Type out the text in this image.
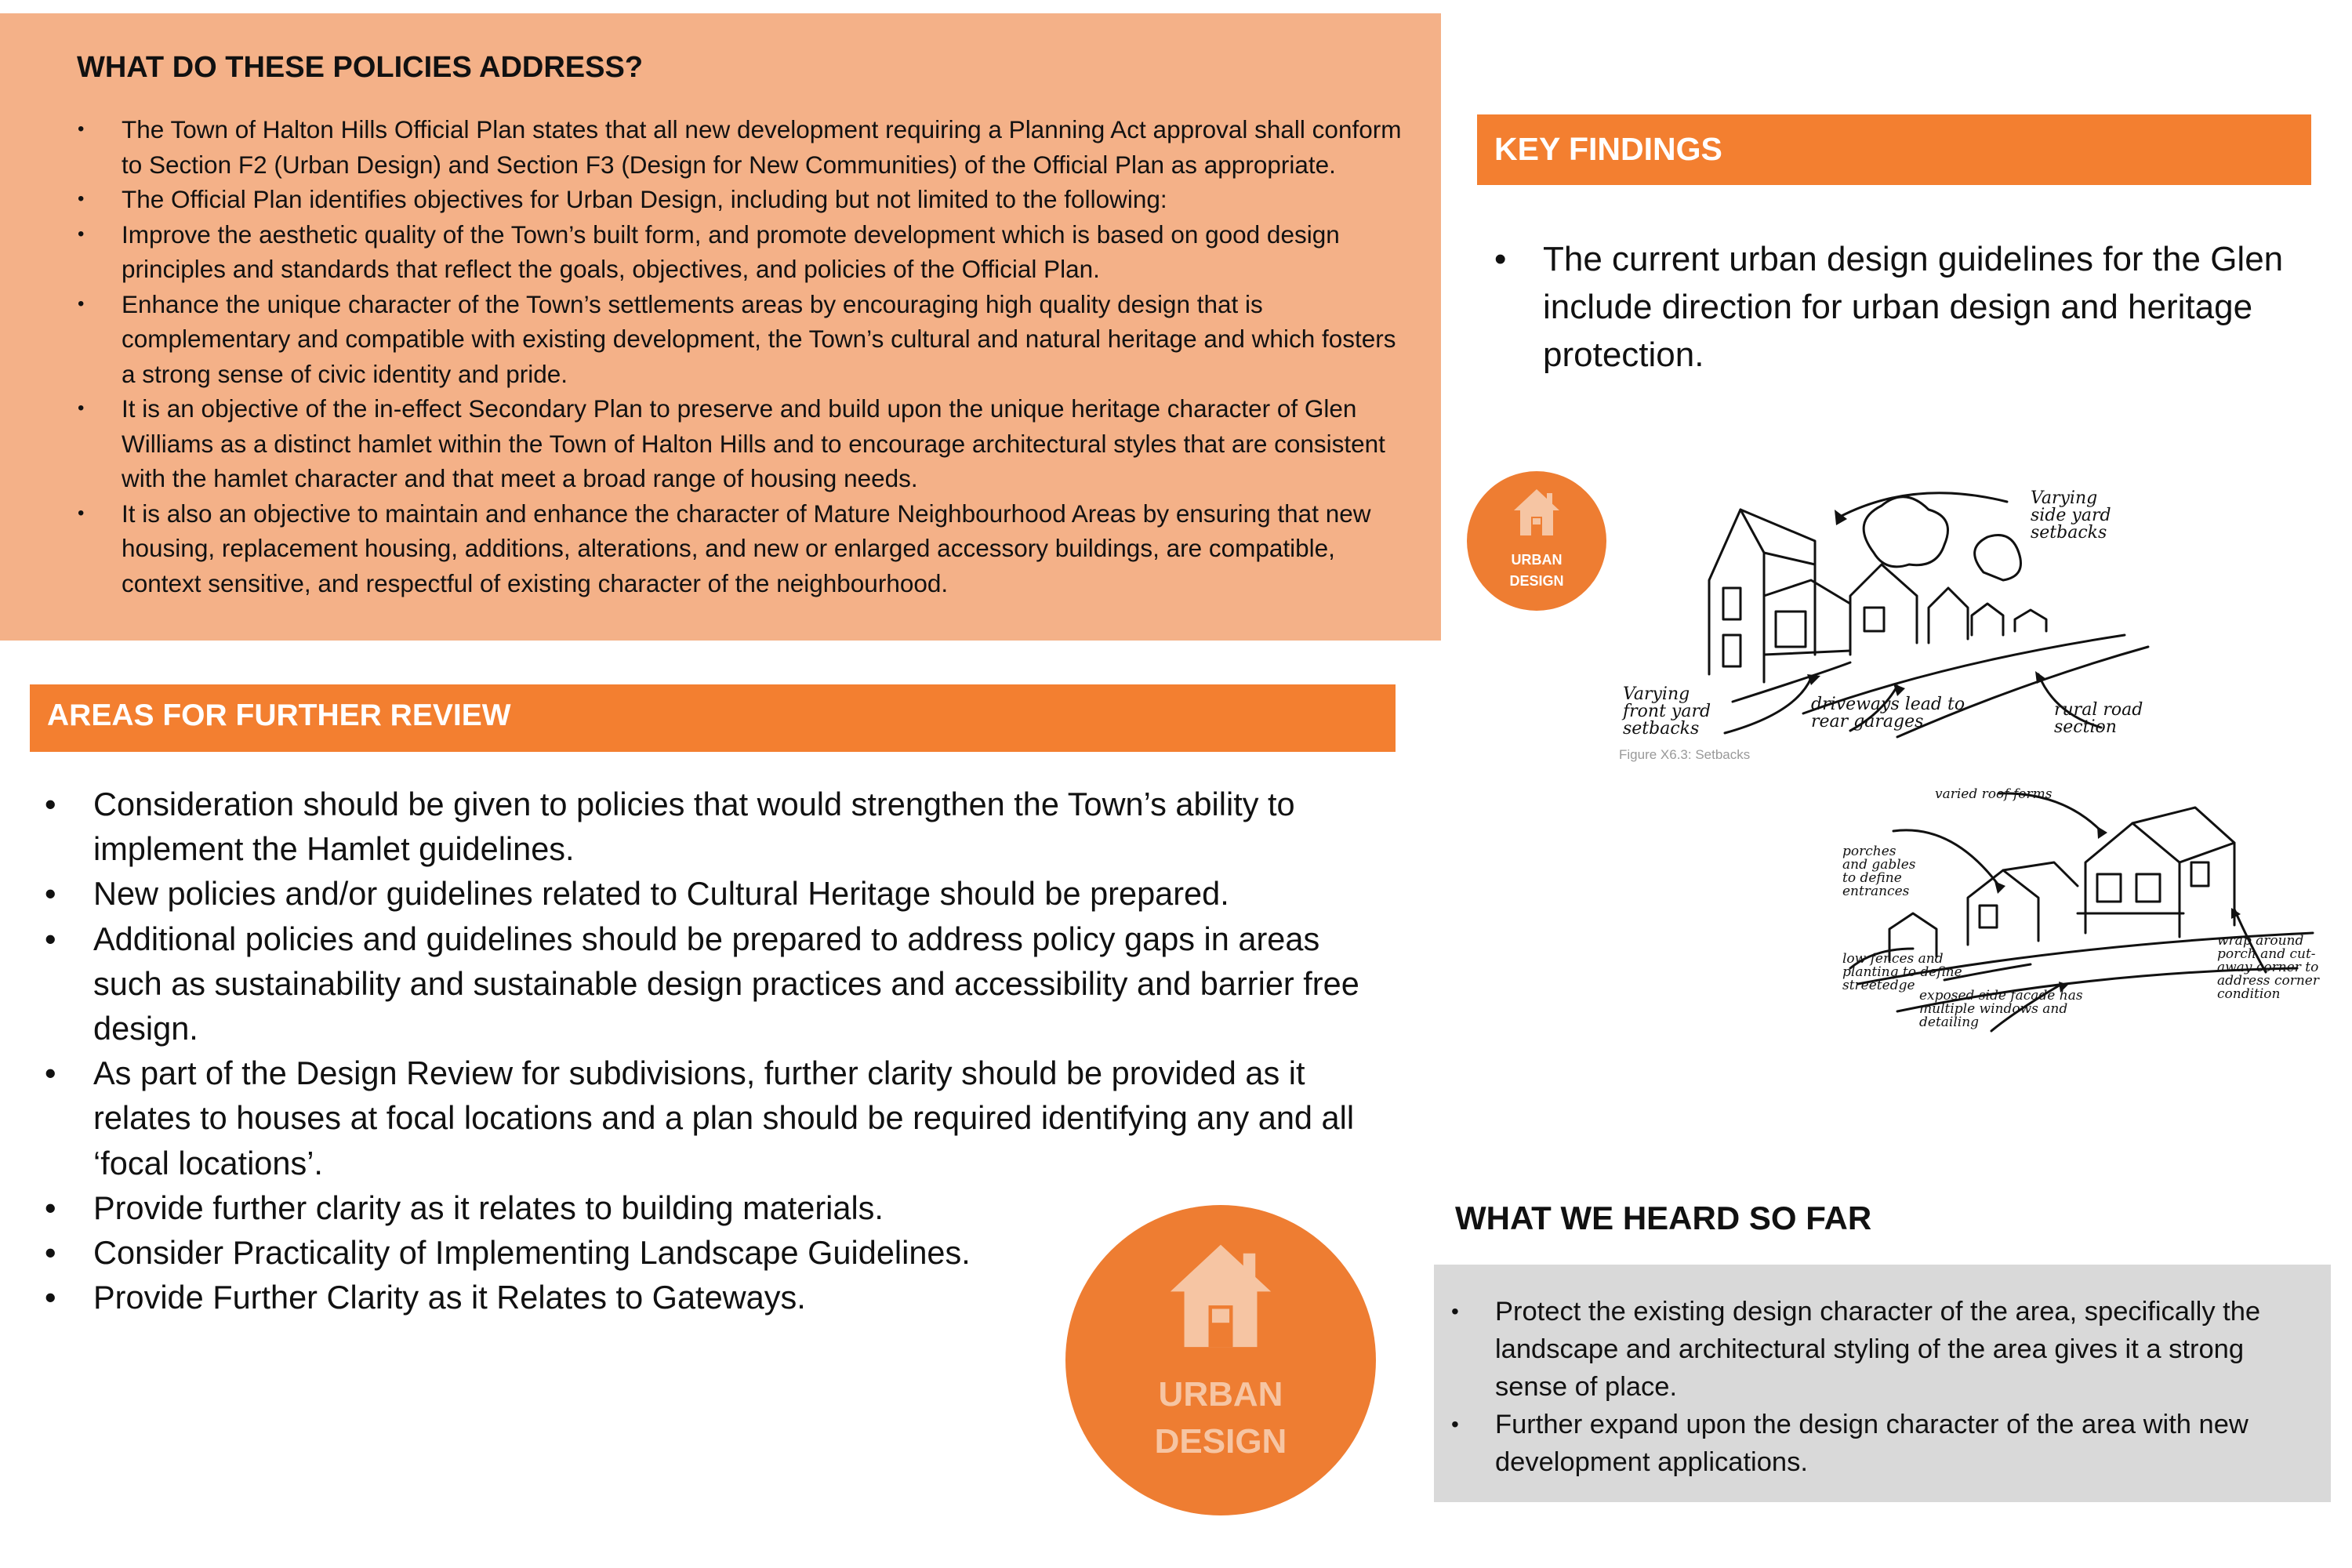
WHAT DO THESE POLICIES ADDRESS?
• The Town of Halton Hills Official Plan states that all new development requiring a Planning Act approval shall conform to Section F2 (Urban Design) and Section F3 (Design for New Communities) of the Official Plan as appropriate.
• The Official Plan identifies objectives for Urban Design, including but not limited to the following:
• Improve the aesthetic quality of the Town’s built form, and promote development which is based on good design principles and standards that reflect the goals, objectives, and policies of the Official Plan.
• Enhance the unique character of the Town’s settlements areas by encouraging high quality design that is complementary and compatible with existing development, the Town’s cultural and natural heritage and which fosters a strong sense of civic identity and pride.
• It is an objective of the in-effect Secondary Plan to preserve and build upon the unique heritage character of Glen Williams as a distinct hamlet within the Town of Halton Hills and to encourage architectural styles that are consistent with the hamlet character and that meet a broad range of housing needs.
• It is also an objective to maintain and enhance the character of Mature Neighbourhood Areas by ensuring that new housing, replacement housing, additions, alterations, and new or enlarged accessory buildings, are compatible, context sensitive, and respectful of existing character of the neighbourhood.
AREAS FOR FURTHER REVIEW
• Consideration should be given to policies that would strengthen the Town’s ability to implement the Hamlet guidelines.
• New policies and/or guidelines related to Cultural Heritage should be prepared.
• Additional policies and guidelines should be prepared to address policy gaps in areas such as sustainability and sustainable design practices and accessibility and barrier free design.
• As part of the Design Review for subdivisions, further clarity should be provided as it relates to houses at focal locations and a plan should be required identifying any and all ‘focal locations’.
• Provide further clarity as it relates to building materials.
• Consider Practicality of Implementing Landscape Guidelines.
• Provide Further Clarity as it Relates to Gateways.
KEY FINDINGS
• The current urban design guidelines for the Glen include direction for urban design and heritage protection.
URBAN
DESIGN
Varying side yard setbacks
Varying front yard setbacks
driveways lead to rear garages
rural road section
Figure X6.3: Setbacks
varied roof forms
porches and gables to define entrances
low fences and planting to define streetedge
exposed side facade has multiple windows and detailing
wrap around porch and cut-away corner to address corner condition
URBAN
DESIGN
WHAT WE HEARD SO FAR
• Protect the existing design character of the area, specifically the landscape and architectural styling of the area gives it a strong sense of place.
• Further expand upon the design character of the area with new development applications.
